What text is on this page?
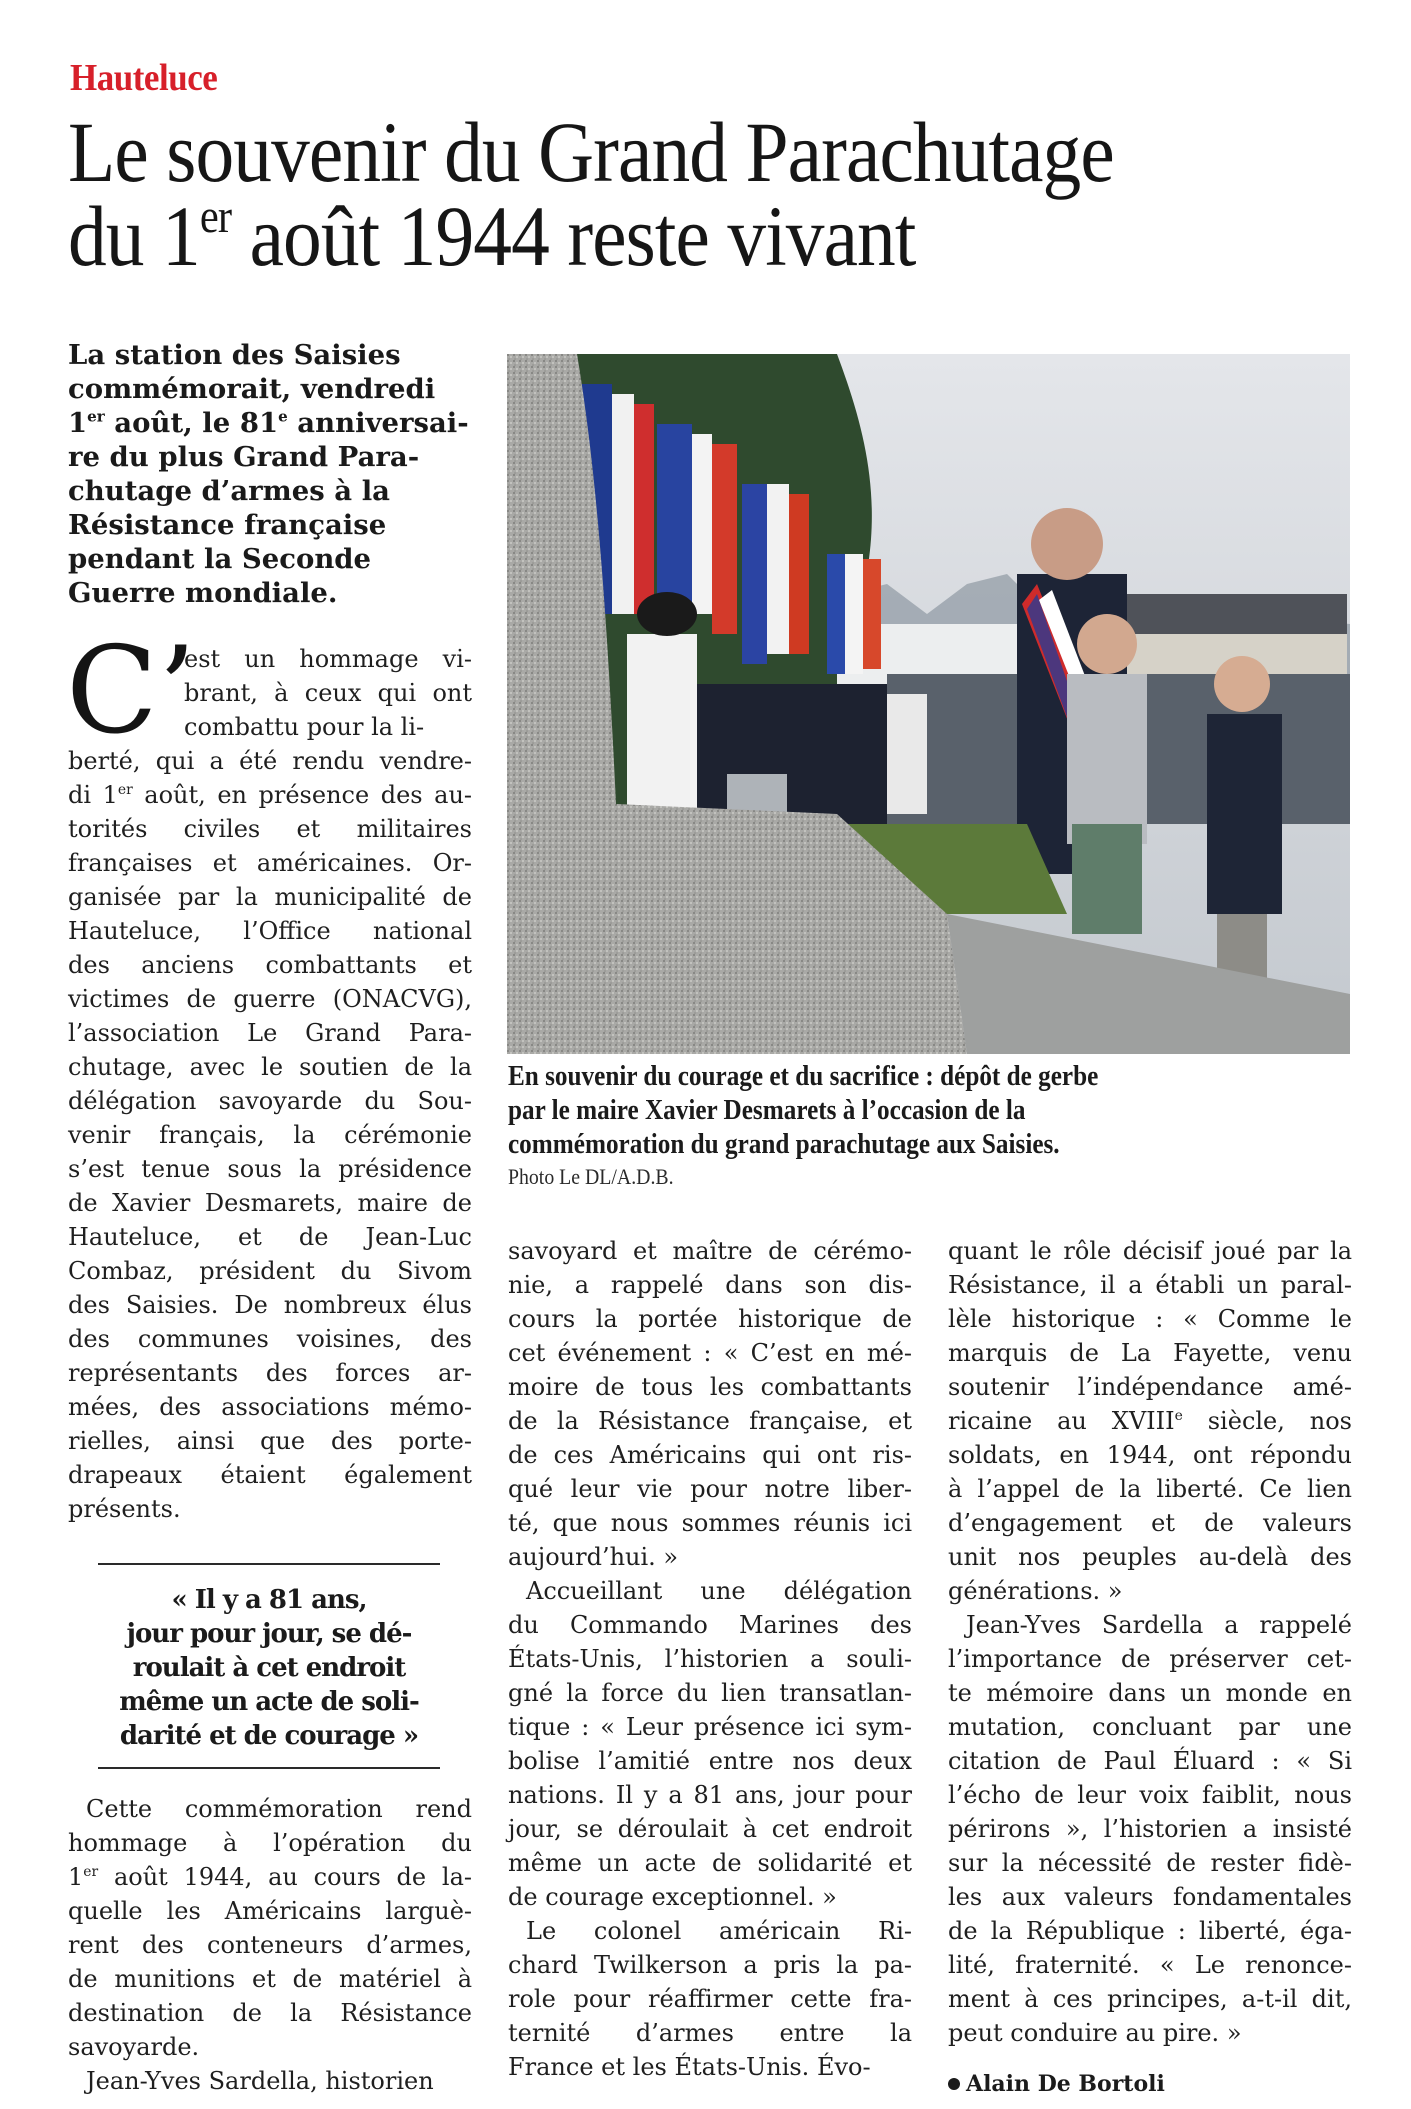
Hauteluce
Le souvenir du Grand Parachutage
du 1er août 1944 reste vivant
La station des Saisies
commémorait, vendredi
1er août, le 81e anniversai-
re du plus Grand Para-
chutage d’armes à la
Résistance française
pendant la Seconde
Guerre mondiale.
C’
est un hommage vi-
brant, à ceux qui ont
combattu pour la li-
berté, qui a été rendu vendre-
di 1er août, en présence des au-
torités civiles et militaires
françaises et américaines. Or-
ganisée par la municipalité de
Hauteluce, l’Office national
des anciens combattants et
victimes de guerre (ONACVG),
l’association Le Grand Para-
chutage, avec le soutien de la
délégation savoyarde du Sou-
venir français, la cérémonie
s’est tenue sous la présidence
de Xavier Desmarets, maire de
Hauteluce, et de Jean-Luc
Combaz, président du Sivom
des Saisies. De nombreux élus
des communes voisines, des
représentants des forces ar-
mées, des associations mémo-
rielles, ainsi que des porte-
drapeaux étaient également
présents.
« Il y a 81 ans,
jour pour jour, se dé-
roulait à cet endroit
même un acte de soli-
darité et de courage »
Cette commémoration rend
hommage à l’opération du
1er août 1944, au cours de la-
quelle les Américains larguè-
rent des conteneurs d’armes,
de munitions et de matériel à
destination de la Résistance
savoyarde.
Jean-Yves Sardella, historien
En souvenir du courage et du sacrifice : dépôt de gerbe
par le maire Xavier Desmarets à l’occasion de la
commémoration du grand parachutage aux Saisies.
Photo Le DL/A.D.B.
savoyard et maître de cérémo-
nie, a rappelé dans son dis-
cours la portée historique de
cet événement : « C’est en mé-
moire de tous les combattants
de la Résistance française, et
de ces Américains qui ont ris-
qué leur vie pour notre liber-
té, que nous sommes réunis ici
aujourd’hui. »
Accueillant une délégation
du Commando Marines des
États-Unis, l’historien a souli-
gné la force du lien transatlan-
tique : « Leur présence ici sym-
bolise l’amitié entre nos deux
nations. Il y a 81 ans, jour pour
jour, se déroulait à cet endroit
même un acte de solidarité et
de courage exceptionnel. »
Le colonel américain Ri-
chard Twilkerson a pris la pa-
role pour réaffirmer cette fra-
ternité d’armes entre la
France et les États-Unis. Évo-
quant le rôle décisif joué par la
Résistance, il a établi un paral-
lèle historique : « Comme le
marquis de La Fayette, venu
soutenir l’indépendance amé-
ricaine au XVIIIe siècle, nos
soldats, en 1944, ont répondu
à l’appel de la liberté. Ce lien
d’engagement et de valeurs
unit nos peuples au-delà des
générations. »
Jean-Yves Sardella a rappelé
l’importance de préserver cet-
te mémoire dans un monde en
mutation, concluant par une
citation de Paul Éluard : « Si
l’écho de leur voix faiblit, nous
périrons », l’historien a insisté
sur la nécessité de rester fidè-
les aux valeurs fondamentales
de la République : liberté, éga-
lité, fraternité. « Le renonce-
ment à ces principes, a-t-il dit,
peut conduire au pire. »
Alain De Bortoli
